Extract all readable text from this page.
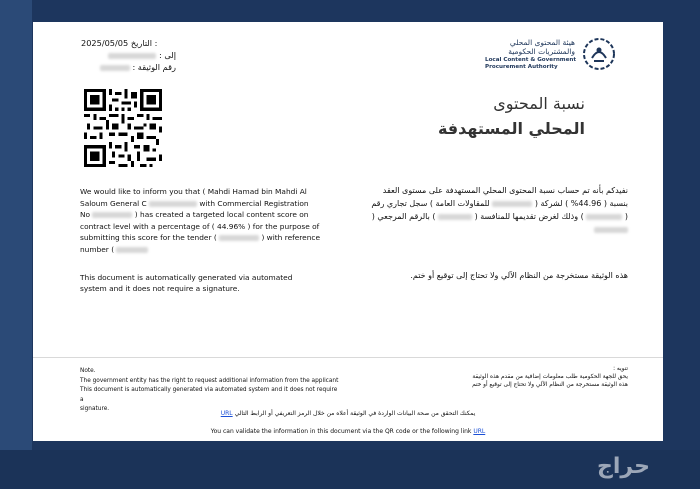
2025/05/05 التاريخ :
إلى :
رقم الوثيقة :
هيئة المحتوى المحلي
والمشتريات الحكومية
Local Content & Government
Procurement Authority
نسبة المحتوى
المحلي المستهدفة
We would like to inform you that ( Mahdi Hamad bin Mahdi Al Saloum General C	with Commercial Registration No	) has created a targeted local content score on contract level with a percentage of ( 44.96% ) for the purpose of submitting this score for the tender (	) with reference number (
This document is automatically generated via automated system and it does not require a signature.
نفيدكم بأنه تم حساب نسبة المحتوى المحلي المستهدفة على مستوى العقد بنسبة ( 44.96% ) لشركة (  للمقاولات العامة ) سجل تجاري رقم (  ) وذلك لغرض تقديمها للمنافسة (  ) بالرقم المرجعي (
هذه الوثيقة مستخرجة من النظام الآلي ولا تحتاج إلى توقيع أو ختم.
Note.
The government entity has the right to request additional information from the applicant
This document is automatically generated via automated system and it does not require a
signature.
تنويه :
يحق للجهة الحكومية طلب معلومات إضافية من مقدم هذه الوثيقة
هذه الوثيقة مستخرجة من النظام الآلي ولا تحتاج إلى توقيع أو ختم
يمكنك التحقق من صحة البيانات الواردة في الوثيقة أعلاه من خلال الرمز التعريفي أو الرابط التالي URL
You can validate the information in this document via the QR code or the following link URL
حراج
